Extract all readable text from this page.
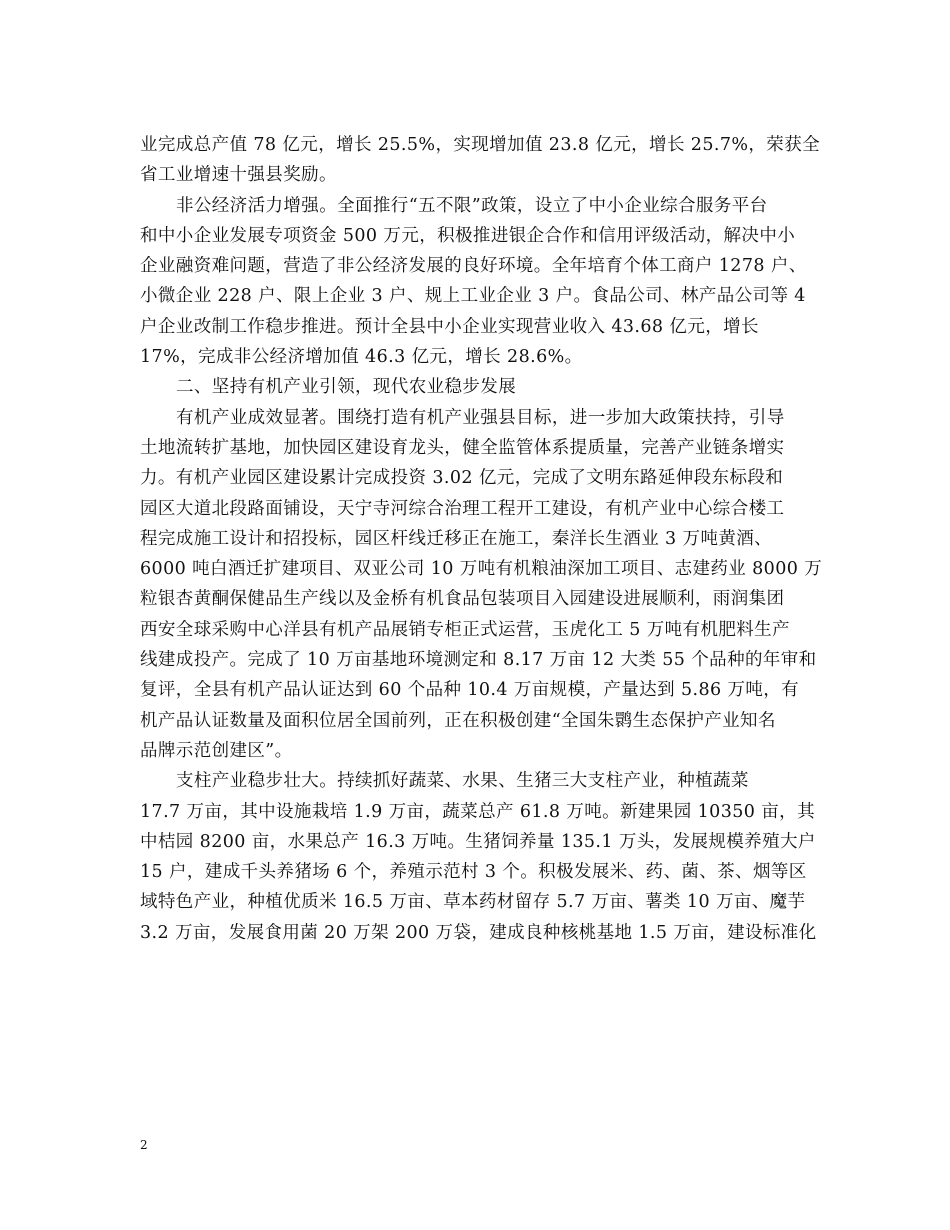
业完成总产值 78 亿元，增长 25.5%，实现增加值 23.8 亿元，增长 25.7%，荣获全
省工业增速十强县奖励。
非公经济活力增强。全面推行“五不限”政策，设立了中小企业综合服务平台
和中小企业发展专项资金 500 万元，积极推进银企合作和信用评级活动，解决中小
企业融资难问题，营造了非公经济发展的良好环境。全年培育个体工商户 1278 户、
小微企业 228 户、限上企业 3 户、规上工业企业 3 户。食品公司、林产品公司等 4
户企业改制工作稳步推进。预计全县中小企业实现营业收入 43.68 亿元，增长
17%，完成非公经济增加值 46.3 亿元，增长 28.6%。
二、坚持有机产业引领，现代农业稳步发展
有机产业成效显著。围绕打造有机产业强县目标，进一步加大政策扶持，引导
土地流转扩基地，加快园区建设育龙头，健全监管体系提质量，完善产业链条增实
力。有机产业园区建设累计完成投资 3.02 亿元，完成了文明东路延伸段东标段和
园区大道北段路面铺设，天宁寺河综合治理工程开工建设，有机产业中心综合楼工
程完成施工设计和招投标，园区杆线迁移正在施工，秦洋长生酒业 3 万吨黄酒、
6000 吨白酒迁扩建项目、双亚公司 10 万吨有机粮油深加工项目、志建药业 8000 万
粒银杏黄酮保健品生产线以及金桥有机食品包装项目入园建设进展顺利，雨润集团
西安全球采购中心洋县有机产品展销专柜正式运营，玉虎化工 5 万吨有机肥料生产
线建成投产。完成了 10 万亩基地环境测定和 8.17 万亩 12 大类 55 个品种的年审和
复评，全县有机产品认证达到 60 个品种 10.4 万亩规模，产量达到 5.86 万吨，有
机产品认证数量及面积位居全国前列，正在积极创建“全国朱鹮生态保护产业知名
品牌示范创建区”。
支柱产业稳步壮大。持续抓好蔬菜、水果、生猪三大支柱产业，种植蔬菜
17.7 万亩，其中设施栽培 1.9 万亩，蔬菜总产 61.8 万吨。新建果园 10350 亩，其
中桔园 8200 亩，水果总产 16.3 万吨。生猪饲养量 135.1 万头，发展规模养殖大户
15 户，建成千头养猪场 6 个，养殖示范村 3 个。积极发展米、药、菌、茶、烟等区
域特色产业，种植优质米 16.5 万亩、草本药材留存 5.7 万亩、薯类 10 万亩、魔芋
3.2 万亩，发展食用菌 20 万架 200 万袋，建成良种核桃基地 1.5 万亩，建设标准化
2
